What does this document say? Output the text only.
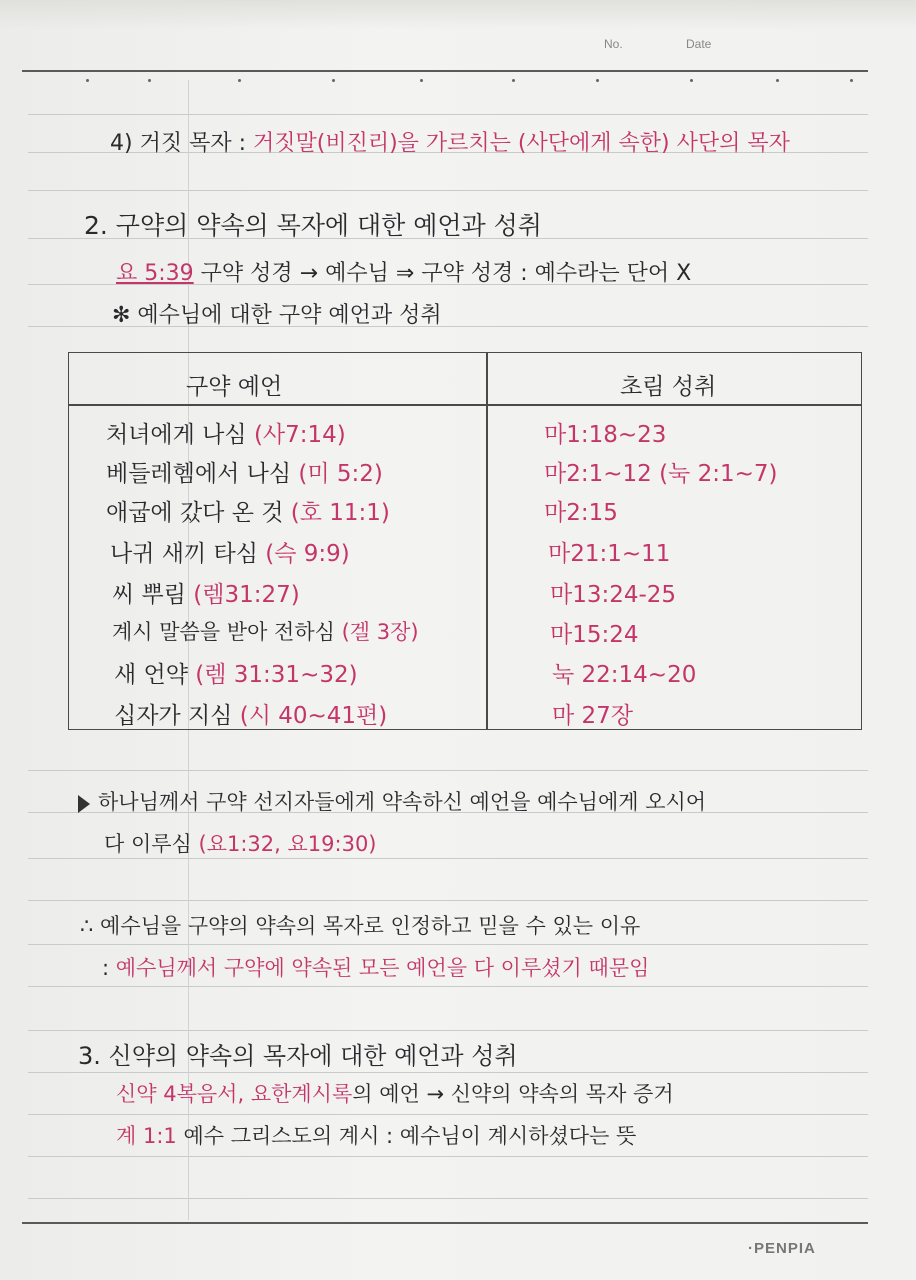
No.	Date
4) 거짓 목자 : 거짓말(비진리)을 가르치는 (사단에게 속한) 사단의 목자
2. 구약의 약속의 목자에 대한 예언과 성취
요 5:39 구약 성경 → 예수님 ⇒ 구약 성경 : 예수라는 단어 X
✻ 예수님에 대한 구약 예언과 성취
구약 예언	초림 성취
처녀에게 나심 (사7:14)	마1:18~23
베들레헴에서 나심 (미 5:2)	마2:1~12 (눅 2:1~7)
애굽에 갔다 온 것 (호 11:1)	마2:15
나귀 새끼 타심 (슥 9:9)	마21:1~11
씨 뿌림 (렘31:27)	마13:24-25
계시 말씀을 받아 전하심 (겔 3장)	마15:24
새 언약 (렘 31:31~32)	눅 22:14~20
십자가 지심 (시 40~41편)	마 27장
하나님께서 구약 선지자들에게 약속하신 예언을 예수님에게 오시어
다 이루심 (요1:32, 요19:30)
∴ 예수님을 구약의 약속의 목자로 인정하고 믿을 수 있는 이유
: 예수님께서 구약에 약속된 모든 예언을 다 이루셨기 때문임
3. 신약의 약속의 목자에 대한 예언과 성취
신약 4복음서, 요한계시록의 예언 → 신약의 약속의 목자 증거
계 1:1 예수 그리스도의 계시 : 예수님이 계시하셨다는 뜻
·PENPIA
